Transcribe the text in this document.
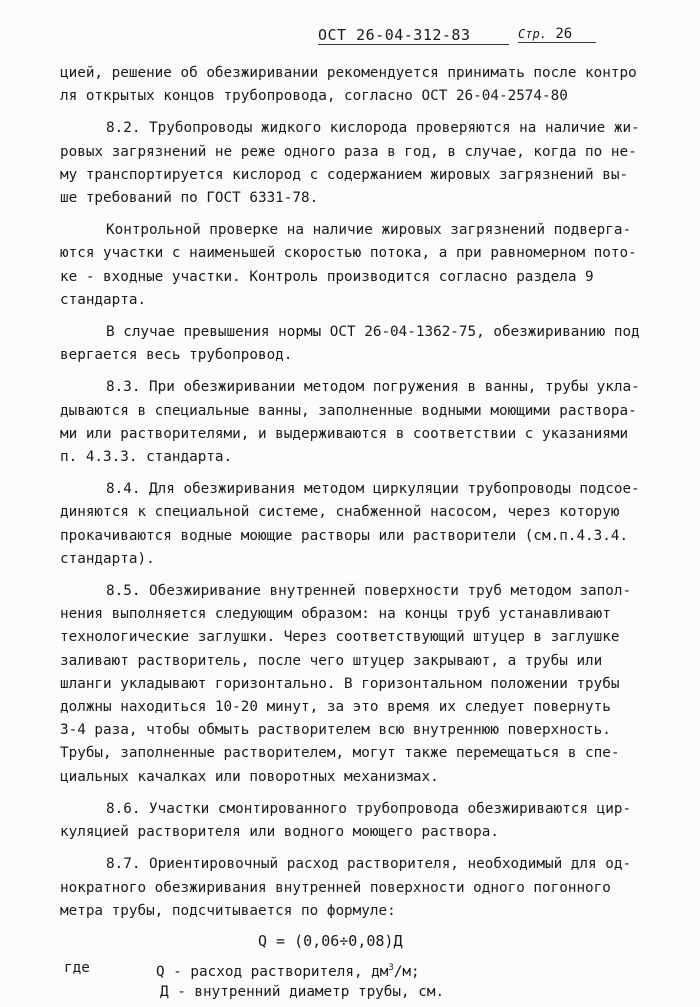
ОСТ 26-04-312-83	Стр. 26

цией, решение об обезжиривании рекомендуется принимать после контро
ля открытых концов трубопровода, согласно ОСТ 26-04-2574-80

8.2. Трубопроводы жидкого кислорода проверяются на наличие жи-
ровых загрязнений не реже одного раза в год, в случае, когда по не-
му транспортируется кислород с содержанием жировых загрязнений вы-
ше требований по ГОСТ 6331-78.

Контрольной проверке на наличие жировых загрязнений подверга-
ются участки с наименьшей скоростью потока, а при равномерном пото-
ке - входные участки. Контроль производится согласно раздела 9
стандарта.

В случае превышения нормы ОСТ 26-04-1362-75, обезжириванию под
вергается весь трубопровод.

8.3. При обезжиривании методом погружения в ванны, трубы укла-
дываются в специальные ванны, заполненные водными моющими раствора-
ми или растворителями, и выдерживаются в соответствии с указаниями
п. 4.3.3. стандарта.

8.4. Для обезжиривания методом циркуляции трубопроводы подсое-
диняются к специальной системе, снабженной насосом, через которую
прокачиваются водные моющие растворы или растворители (см.п.4.3.4.
стандарта).

8.5. Обезжиривание внутренней поверхности труб методом запол-
нения выполняется следующим образом: на концы труб устанавливают
технологические заглушки. Через соответствующий штуцер в заглушке
заливают растворитель, после чего штуцер закрывают, а трубы или
шланги укладывают горизонтально. В горизонтальном положении трубы
должны находиться 10-20 минут, за это время их следует повернуть
3-4 раза, чтобы обмыть растворителем всю внутреннюю поверхность.
Трубы, заполненные растворителем, могут также перемещаться в спе-
циальных качалках или поворотных механизмах.

8.6. Участки смонтированного трубопровода обезжириваются цир-
куляцией растворителя или водного моющего раствора.

8.7. Ориентировочный расход растворителя, необходимый для од-
нократного обезжиривания внутренней поверхности одного погонного
метра трубы, подсчитывается по формуле:

Q = (0,06÷0,08)Д
где	Q - расход растворителя, $дм^3/м$;
Д - внутренний диаметр трубы, см.
